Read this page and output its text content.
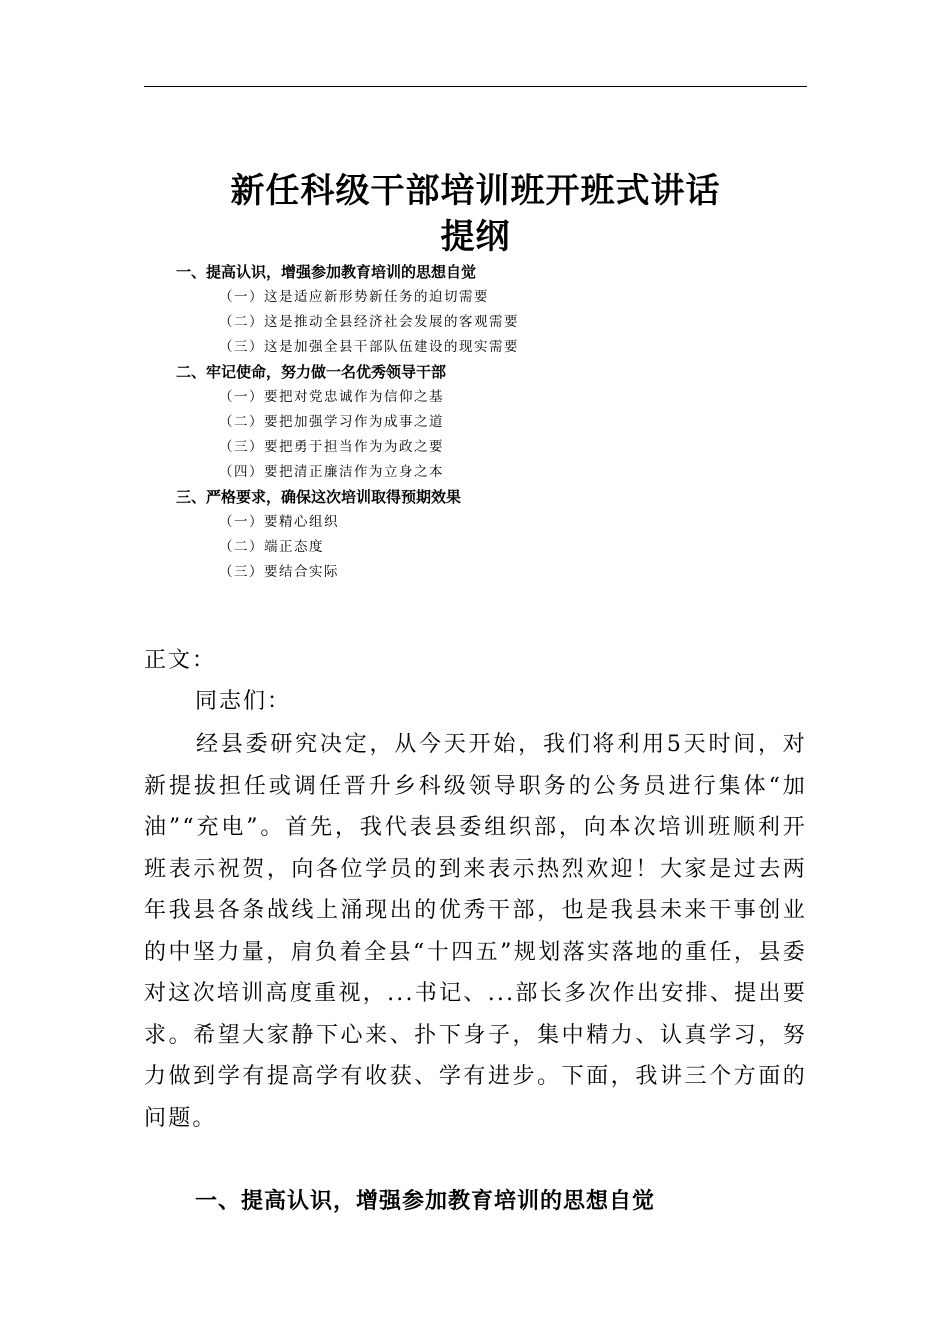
新任科级干部培训班开班式讲话
提纲
一、提高认识，增强参加教育培训的思想自觉
（一）这是适应新形势新任务的迫切需要
（二）这是推动全县经济社会发展的客观需要
（三）这是加强全县干部队伍建设的现实需要
二、牢记使命，努力做一名优秀领导干部
（一）要把对党忠诚作为信仰之基
（二）要把加强学习作为成事之道
（三）要把勇于担当作为为政之要
（四）要把清正廉洁作为立身之本
三、严格要求，确保这次培训取得预期效果
（一）要精心组织
（二）端正态度
（三）要结合实际
正文：
同志们：
经县委研究决定，从今天开始，我们将利用5天时间，对新提拔担任或调任晋升乡科级领导职务的公务员进行集体“加油”“充电”。首先，我代表县委组织部，向本次培训班顺利开班表示祝贺，向各位学员的到来表示热烈欢迎！大家是过去两年我县各条战线上涌现出的优秀干部，也是我县未来干事创业的中坚力量，肩负着全县“十四五”规划落实落地的重任，县委对这次培训高度重视，...书记、...部长多次作出安排、提出要求。希望大家静下心来、扑下身子，集中精力、认真学习，努力做到学有提高学有收获、学有进步。下面，我讲三个方面的问题。
一、提高认识，增强参加教育培训的思想自觉
